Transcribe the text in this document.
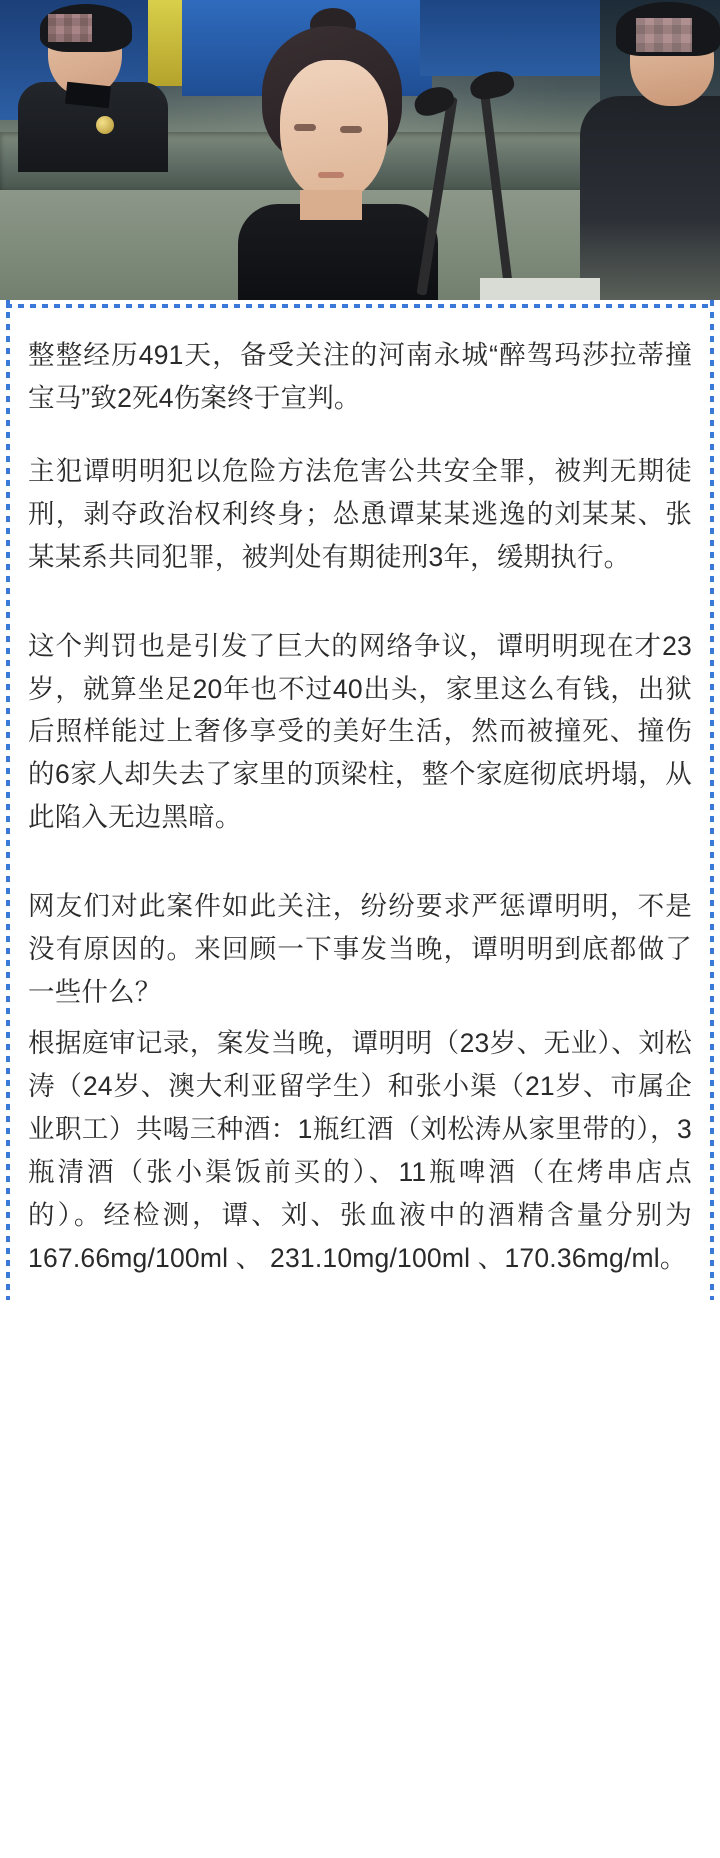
整整经历491天，备受关注的河南永城“醉驾玛莎拉蒂撞宝马”致2死4伤案终于宣判。

主犯谭明明犯以危险方法危害公共安全罪，被判无期徒刑，剥夺政治权利终身；怂恿谭某某逃逸的刘某某、张某某系共同犯罪，被判处有期徒刑3年，缓期执行。

这个判罚也是引发了巨大的网络争议，谭明明现在才23岁，就算坐足20年也不过40出头，家里这么有钱，出狱后照样能过上奢侈享受的美好生活，然而被撞死、撞伤的6家人却失去了家里的顶梁柱，整个家庭彻底坍塌，从此陷入无边黑暗。

网友们对此案件如此关注，纷纷要求严惩谭明明，不是没有原因的。来回顾一下事发当晚，谭明明到底都做了一些什么？

根据庭审记录，案发当晚，谭明明（23岁、无业）、刘松涛（24岁、澳大利亚留学生）和张小渠（21岁、市属企业职工）共喝三种酒：1瓶红酒（刘松涛从家里带的），3瓶清酒（张小渠饭前买的）、11瓶啤酒（在烤串店点的）。经检测，谭、刘、张血液中的酒精含量分别为167.66mg/100ml 、 231.10mg/100ml 、170.36mg/ml。
